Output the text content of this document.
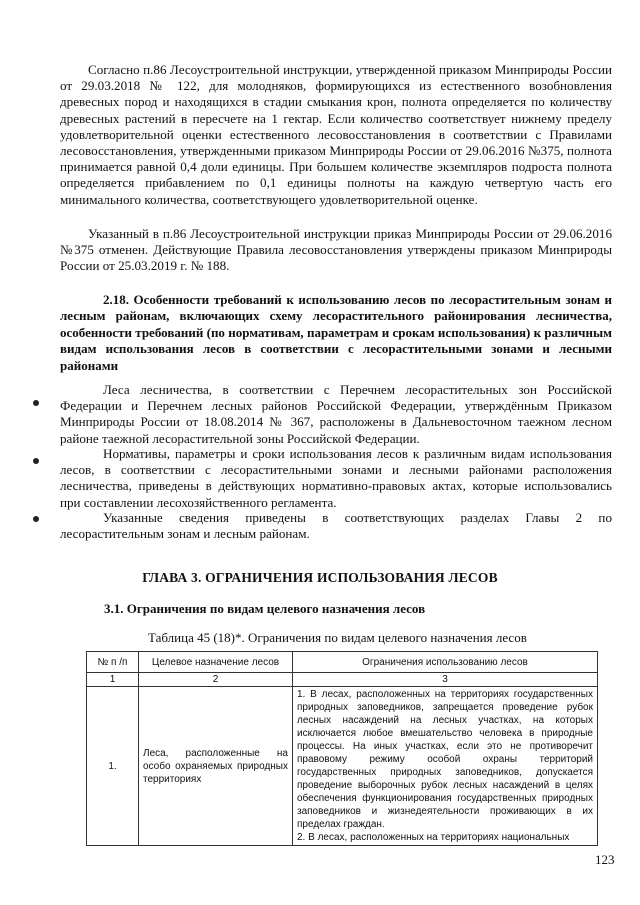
Согласно п.86 Лесоустроительной инструкции, утвержденной приказом Минприроды России от 29.03.2018 № 122, для молодняков, формирующихся из естественного возобновления древесных пород и находящихся в стадии смыкания крон, полнота определяется по количеству древесных растений в пересчете на 1 гектар. Если количество соответствует нижнему пределу удовлетворительной оценки естественного лесовосстановления в соответствии с Правилами лесовосстановления, утвержденными приказом Минприроды России от 29.06.2016 №375, полнота принимается равной 0,4 доли единицы. При большем количестве экземпляров подроста полнота определяется прибавлением по 0,1 единицы полноты на каждую четвертую часть его минимального количества, соответствующего удовлетворительной оценке.
Указанный в п.86 Лесоустроительной инструкции приказ Минприроды России от 29.06.2016 №375 отменен. Действующие Правила лесовосстановления утверждены приказом Минприроды России от 25.03.2019 г. № 188.
2.18. Особенности требований к использованию лесов по лесорастительным зонам и лесным районам, включающих схему лесорастительного районирования лесничества, особенности требований (по нормативам, параметрам и срокам использования) к различным видам использования лесов в соответствии с лесорастительными зонами и лесными районами
Леса лесничества, в соответствии с Перечнем лесорастительных зон Российской Федерации и Перечнем лесных районов Российской Федерации, утверждённым Приказом Минприроды России от 18.08.2014 № 367, расположены в Дальневосточном таежном лесном районе таежной лесорастительной зоны Российской Федерации.
Нормативы, параметры и сроки использования лесов к различным видам использования лесов, в соответствии с лесорастительными зонами и лесными районами расположения лесничества, приведены в действующих нормативно-правовых актах, которые использовались при составлении лесохозяйственного регламента.
Указанные сведения приведены в соответствующих разделах Главы 2 по лесорастительным зонам и лесным районам.
ГЛАВА 3. ОГРАНИЧЕНИЯ ИСПОЛЬЗОВАНИЯ ЛЕСОВ
3.1. Ограничения по видам целевого назначения лесов
Таблица 45 (18)*. Ограничения по видам целевого назначения лесов
№ п /п	Целевое назначение лесов	Ограничения использованию лесов
1	2	3
1.	Леса, расположенные на особо охраняемых природных территориях	1. В лесах, расположенных на территориях государственных природных заповедников, запрещается проведение рубок лесных насаждений на лесных участках, на которых исключается любое вмешательство человека в природные процессы. На иных участках, если это не противоречит правовому режиму особой охраны территорий государственных природных заповедников, допускается проведение выборочных рубок лесных насаждений в целях обеспечения функционирования государственных природных заповедников и жизнедеятельности проживающих в их пределах граждан.
2. В лесах, расположенных на территориях национальных
123
